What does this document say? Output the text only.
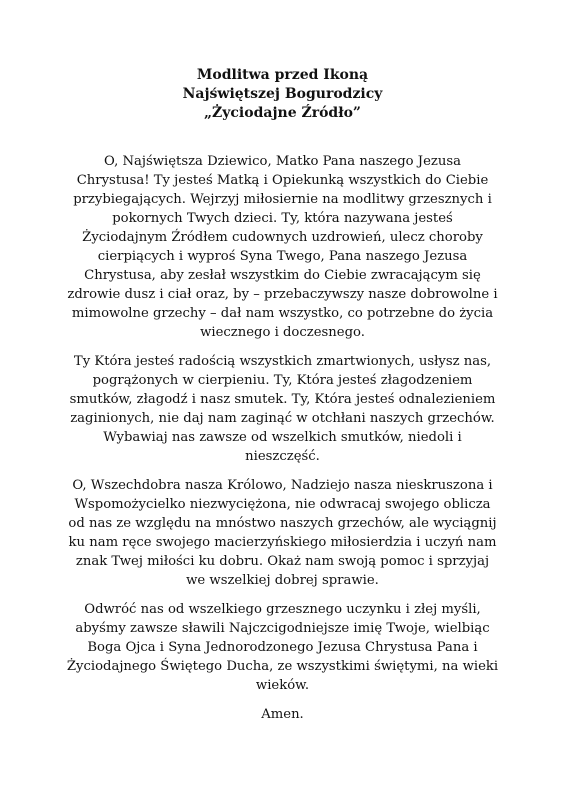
Modlitwa przed Ikoną
Najświętszej Bogurodzicy
„Życiodajne Źródło”
O, Najświętsza Dziewico, Matko Pana naszego Jezusa
Chrystusa! Ty jesteś Matką i Opiekunką wszystkich do Ciebie
przybiegających. Wejrzyj miłosiernie na modlitwy grzesznych i
pokornych Twych dzieci. Ty, która nazywana jesteś
Życiodajnym Źródłem cudownych uzdrowień, ulecz choroby
cierpiących i wyproś Syna Twego, Pana naszego Jezusa
Chrystusa, aby zesłał wszystkim do Ciebie zwracającym się
zdrowie dusz i ciał oraz, by – przebaczywszy nasze dobrowolne i
mimowolne grzechy – dał nam wszystko, co potrzebne do życia
wiecznego i doczesnego.
Ty Która jesteś radością wszystkich zmartwionych, usłysz nas,
pogrążonych w cierpieniu. Ty, Która jesteś złagodzeniem
smutków, złagodź i nasz smutek. Ty, Która jesteś odnalezieniem
zaginionych, nie daj nam zaginąć w otchłani naszych grzechów.
Wybawiaj nas zawsze od wszelkich smutków, niedoli i
nieszczęść.
O, Wszechdobra nasza Królowo, Nadziejo nasza nieskruszona i
Wspomożycielko niezwyciężona, nie odwracaj swojego oblicza
od nas ze względu na mnóstwo naszych grzechów, ale wyciągnij
ku nam ręce swojego macierzyńskiego miłosierdzia i uczyń nam
znak Twej miłości ku dobru. Okaż nam swoją pomoc i sprzyjaj
we wszelkiej dobrej sprawie.
Odwróć nas od wszelkiego grzesznego uczynku i złej myśli,
abyśmy zawsze sławili Najczcigodniejsze imię Twoje, wielbiąc
Boga Ojca i Syna Jednorodzonego Jezusa Chrystusa Pana i
Życiodajnego Świętego Ducha, ze wszystkimi świętymi, na wieki
wieków.
Amen.
